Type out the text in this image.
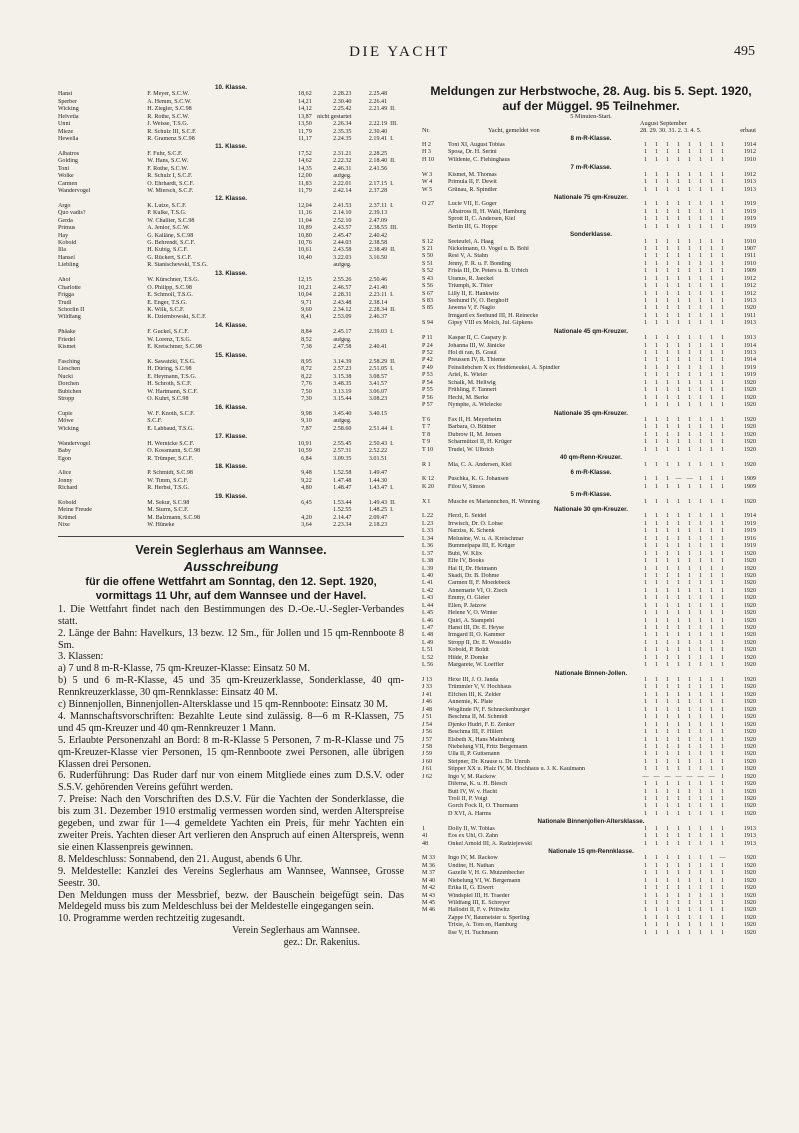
DIE YACHT	495
10. Klasse.
Hansi	F. Meyer, S.C.W.	18,62	2.28.23	2.25.48
Sperber	A. Hemm, S.C.W.	14,21	2.30.40	2.26.41
Wicking	H. Ziegler, S.C.98	14,12	2.25.42	2.21.49 II.
Helvetia	R. Rothe, S.C.W.	13,87 nicht gestartet
Unni	J. Weisse, T.S.G.	13,50	2.26.34	2.22.19 III.
Mieze	R. Schulz III, S.C.F.	11,79	2.35.35	2.30.40
Hewella	R. Gramenz S.C.98	11,17	2.24.35	2.19.41 I.
11. Klasse.
Albatros	F. Fuhr, S.C.F.	17,52	2.31.21	2.28.25
Golding	W. Hans, S.C.W.	14,62	2.22.32	2.18.40 II.
Toni	F. Rothe, S.C.W.	14,35	2.46.31	2.41.56
Wolke	R. Schulz I, S.C.F.	12,00	aufgeg.
Carmen	O. Ehrhardt, S.C.F.	11,83	2.22.01	2.17.15 I.
Wandervogel	W. Miersch, S.C.F.	11,79	2.42.14	2.37.28
12. Klasse.
Argo	K. Lutze, S.C.F.	12,04	2.41.53	2.37.11 I.
Quo vadis?	P. Kulke, T.S.G.	11,16	2.14.10	2.39.13
Gerda	W. Challier, S.C.98	11,04	2.52.10	2.47.09
Primus	A. Jenior, S.C.W.	10,89	2.43.57	2.38.55 III.
Hay	G. Kalläne, S.C.98	10,80	2.45.47	2.40.42
Kobold	G. Behrendt, S.C.F.	10,76	2.44.03	2.38.58
Illa	H. Kubig, S.C.F.	10,61	2.43.58	2.38.49 II.
Hansel	G. Rückert, S.C.F.	10,40	3.22.03	3.16.50
Liebling	R. Stanischewski, T.S.G.	aufgeg.
13. Klasse.
Ahoi	W. Kürschner, T.S.G.	12,15	2.55.26	2.50.46
Charlotte	O. Philipp, S.C.98	10,21	2.46.57	2.41.40
Frigga	E. Schmoll, T.S.G.	10,04	2.28.31	2.23.11 I.
Trudl	E. Enger, T.S.G.	9,71	2.43.48	2.38.14
Schorlin II	K. Wilk, S.C.F.	9,60	2.34.12	2.28.34 II.
Wildfang	K. Dziembowski, S.C.F.	8,41	2.53.09	2.46.37
14. Klasse.
Phäake	F. Guckel, S.C.F.	8,84	2.45.17	2.39.03 I.
Friedel	W. Lorenz, T.S.G.	8,52	aufgeg.
Kismet	E. Kretschmer, S.C.98	7,38	2.47.58	2.40.41
15. Klasse.
Fasching	K. Sawatzki, T.S.G.	8,95	3.14.39	2.58.29 II.
Lieschen	H. Düring, S.C.98	8,72	2.57.23	2.51.05 I.
Nucki	E. Heymann, T.S.G.	8,22	3.15.38	3.08.57
Dorchen	H. Schroth, S.C.F.	7,76	3.48.35	3.41.57
Bubichen	W. Hartmann, S.C.F.	7,50	3.13.19	3.06.07
Stropp	O. Kuhrt, S.C.98	7,30	3.15.44	3.08.23
16. Klasse.
Cupie	W. F. Knoth, S.C.F.	9,98	3.45.40	3.40.15
Möwe	S.C.F.	9,10	aufgeg.
Wicking	E. Labbaud, T.S.G.	7,87	2.58.60	2.51.44 I.
17. Klasse.
Wandervogel	H. Wernicke S.C.F.	10,91	2.55.45	2.50.43 I.
Baby	O. Kossmann, S.C.98	10,59	2.57.31	2.52.22
Egon	R. Trümper, S.C.F.	6,84	3.09.35	3.01.51
18. Klasse.
Alice	P. Schmidt, S.C.98	9,48	1.52.58	1.49.47
Jonny	W. Timm, S.C.F.	9,22	1.47.48	1.44.30
Richard	R. Herbst, T.S.G.	4,80	1.48.47	1.43.47 I.
19. Klasse.
Kobold	M. Sekur, S.C.98	6,45	1.53.44	1.49.43 II.
Meine Freude	M. Sturm, S.C.F.	1.52.55	1.48.25 I.
Krümel	M. Balzmann, S.C.98	4,20	2.14.47	2.09.47
Nixe	W. Hüneke	3,64	2.23.34	2.18.23
Verein Seglerhaus am Wannsee.
Ausschreibung
für die offene Wettfahrt am Sonntag, den 12. Sept. 1920, vormittags 11 Uhr, auf dem Wannsee und der Havel.
1. Die Wettfahrt findet nach den Bestimmungen des D.-Oe.-U.-Segler-Verbandes statt.
2. Länge der Bahn: Havelkurs, 13 bezw. 12 Sm., für Jollen und 15 qm-Rennboote 8 Sm.
3. Klassen:
a) 7 und 8 m-R-Klasse, 75 qm-Kreuzer-Klasse: Einsatz 50 M.
b) 5 und 6 m-R-Klasse, 45 und 35 qm-Kreuzerklasse, Sonderklasse, 40 qm-Rennkreuzerklasse, 30 qm-Rennklasse: Einsatz 40 M.
c) Binnenjollen, Binnenjollen-Altersklasse und 15 qm-Rennboote: Einsatz 30 M.
4. Mannschaftsvorschriften: Bezahlte Leute sind zulässig. 8—6 m R-Klassen, 75 und 45 qm-Kreuzer und 40 qm-Rennkreuzer 1 Mann.
5. Erlaubte Personenzahl an Bord: 8 m-R-Klasse 5 Personen, 7 m-R-Klasse und 75 qm-Kreuzer-Klasse vier Personen, 15 qm-Rennboote zwei Personen, alle übrigen Klassen drei Personen.
6. Ruderführung: Das Ruder darf nur von einem Mitgliede eines zum D.S.V. oder S.S.V. gehörenden Vereins geführt werden.
7. Preise: Nach den Vorschriften des D.S.V. Für die Yachten der Sonderklasse, die bis zum 31. Dezember 1910 erstmalig vermessen worden sind, werden Alterspreise gegeben, und zwar für 1—4 gemeldete Yachten ein Preis, für mehr Yachten ein zweiter Preis. Yachten dieser Art verlieren den Anspruch auf einen Alterspreis, wenn sie einen Klassenpreis gewinnen.
8. Meldeschluss: Sonnabend, den 21. August, abends 6 Uhr.
9. Meldestelle: Kanzlei des Vereins Seglerhaus am Wannsee, Wannsee, Grosse Seestr. 30.
Den Meldungen muss der Messbrief, bezw. der Bauschein beigefügt sein. Das Meldegeld muss bis zum Meldeschluss bei der Meldestelle eingegangen sein.
10. Programme werden rechtzeitig zugesandt.
Verein Seglerhaus am Wannsee.
gez.: Dr. Rakenius.
Meldungen zur Herbstwoche, 28. Aug. bis 5. Sept. 1920,
auf der Müggel. 95 Teilnehmer.
5 Minuten-Start.
August September
Nr.	Yacht, gemeldet von	28. 29. 30. 31. 2. 3. 4. 5.	erbaut
8 m-R-Klasse.
H 2	Toni XI, August Tobias	1	1	1	1	1	1	1	1	1914
H 3	Sposa, Dr. H. Serini	1	1	1	1	1	1	1	1	1912
H 10	Wildente, C. Flehinghaus	1	1	1	1	1	1	1	1	1910
7 m-R-Klasse.
W 3	Kismet, M. Thomas	1	1	1	1	1	1	1	1	1912
W 4	Primula II, F. Dewit	1	1	1	1	1	1	1	1	1913
W 5	Grünau, R. Spindler	1	1	1	1	1	1	1	1	1913
Nationale 75 qm-Kreuzer.
O 27	Lucie VII, E. Goger	1	1	1	1	1	1	1	1	1919
Albatross II, H. Wahl, Hamburg	1	1	1	1	1	1	1	1	1919
Sprott II, C. Andersen, Kiel	1	1	1	1	1	1	1	1	1919
Berlin III, G. Hoppe	1	1	1	1	1	1	1	1	1919
Sonderklasse.
S 12	Seeteufel, A. Haag	1	1	1	1	1	1	1	1	1910
S 21	Nickelmann, O. Vogel u. B. Bohl	1	1	1	1	1	1	1	1	1907
S 50	Resi V, A. Stahn	1	1	1	1	1	1	1	1	1911
S 51	Jenny, F. R. u. F. Bonding	1	1	1	1	1	1	1	1	1910
S 52	Frisia III, Dr. Peters u. B. Urbich	1	1	1	1	1	1	1	1	1909
S 43	Uranus, R. Jaeckel	1	1	1	1	1	1	1	1	1912
S 56	Triumph, K. Thier	1	1	1	1	1	1	1	1	1912
S 67	Lilly II, E. Hankwitz	1	1	1	1	1	1	1	1	1912
S 83	Seehund IV, O. Berghoff	1	1	1	1	1	1	1	1	1913
S 85	Jawena V, F. Naglo	1	1	1	1	1	1	1	1	1920
Irmgard ex Seehund III, H. Reinecke	1	1	1	1	1	1	1	1	1911
S 94	Gipsy VIII ex Molch, Jul. Gipkens	1	1	1	1	1	1	1	1	1913
Nationale 45 qm-Kreuzer.
P 11	Kaspar II, C. Caspary jr.	1	1	1	1	1	1	1	1	1913
P 24	Johanna III, W. Jänicke	1	1	1	1	1	1	1	1	1914
P 52	Hol di ran, B. Graul	1	1	1	1	1	1	1	1	1913
P 42	Preussen IV, R. Thieme	1	1	1	1	1	1	1	1	1914
P 49	Feinsliebchen X ex Heidteneukel, A. Spindler	1	1	1	1	1	1	1	1	1919
P 53	Ariel, K. Wieler	1	1	1	1	1	1	1	1	1919
P 54	Schalk, M. Hellwig	1	1	1	1	1	1	1	1	1920
P 55	Frühling, F. Tannert	1	1	1	1	1	1	1	1	1920
P 56	Hecht, M. Berke	1	1	1	1	1	1	1	1	1920
P 57	Nymphe, A. Wielecke	1	1	1	1	1	1	1	1	1920
Nationale 35 qm-Kreuzer.
T 6	Fax II, H. Meyerheim	1	1	1	1	1	1	1	1	1920
T 7	Barbara, O. Büttner	1	1	1	1	1	1	1	1	1920
T 8	Dubrow II, M. Jensen	1	1	1	1	1	1	1	1	1920
T 9	Scharmützel II, H. Krüger	1	1	1	1	1	1	1	1	1920
T 10	Trudel, W. Ulbrich	1	1	1	1	1	1	1	1	1920
40 qm-Renn-Kreuzer.
R 1	Mia, C. A. Andersen, Kiel	1	1	1	1	1	1	1	1	1920
6 m-R-Klasse.
K 12	Puschka, K. G. Johansen	1	1	1	— —	1	1	1	1909
K 20	Filou V, Simon	1	1	1	1	1	1	1	1	1909
5 m-R-Klasse.
X I	Musche ex Mariannchen, H. Winning	1	1	1	1	1	1	1	1	1920
Nationale 30 qm-Kreuzer.
L 22	Herzl, E. Seidel	1	1	1	1	1	1	1	1	1914
L 23	Irrwisch, Dr. O. Lohse	1	1	1	1	1	1	1	1	1919
L 33	Narziss, K. Schenk	1	1	1	1	1	1	1	1	1919
L 34	Melusine, W. u. A. Kreischmar	1	1	1	1	1	1	1	1	1916
L 36	Bummelpapa III, E. Krüger	1	1	1	1	1	1	1	1	1919
L 37	Bubi, W. Klix	1	1	1	1	1	1	1	1	1920
L 38	Elfe IV, Books	1	1	1	1	1	1	1	1	1920
L 39	Hai II, Dr. Heimann	1	1	1	1	1	1	1	1	1920
L 40	Skadi, Dr. B. Dohme	1	1	1	1	1	1	1	1	1920
L 41	Carmen II, F. Moedebeck	1	1	1	1	1	1	1	1	1920
L 42	Annemarie VI, O. Ziech	1	1	1	1	1	1	1	1	1920
L 43	Emmy, O. Gleier	1	1	1	1	1	1	1	1	1920
L 44	Ellen, P. Jatzow	1	1	1	1	1	1	1	1	1920
L 45	Helene V, O. Winter	1	1	1	1	1	1	1	1	1920
L 46	Quirl, A. Stampehl	1	1	1	1	1	1	1	1	1920
L 47	Hansi III, Dr. E. Heyse	1	1	1	1	1	1	1	1	1920
L 48	Irmgard II, O. Kammer	1	1	1	1	1	1	1	1	1920
L 49	Stropp II, Dr. E. Wossidlo	1	1	1	1	1	1	1	1	1920
L 51	Kobold, P. Boldt	1	1	1	1	1	1	1	1	1920
L 52	Hilde, P. Domke	1	1	1	1	1	1	1	1	1920
L 56	Margarete, W. Loeffler	1	1	1	1	1	1	1	1	1920
Nationale Binnen-Jollen.
J 13	Hexe III, J. O. Janda	1	1	1	1	1	1	1	1	1920
J 33	Trümmler V, V. Hochhaus	1	1	1	1	1	1	1	1	1920
J 41	Elfchen III, K. Zelder	1	1	1	1	1	1	1	1	1920
J 46	Annemie, K. Plate	1	1	1	1	1	1	1	1	1920
J 48	Woglinde IV, F. Schneckenburger	1	1	1	1	1	1	1	1	1920
J 51	Beschma II, M. Schmidt	1	1	1	1	1	1	1	1	1920
J 54	Djenko Hudri, F. E. Zenker	1	1	1	1	1	1	1	1	1920
J 56	Beschma III, F. Hillert	1	1	1	1	1	1	1	1	1920
J 57	Elsbeth X, Hans Malmberg	1	1	1	1	1	1	1	1	1920
J 58	Niebelung VII, Fritz Bergemann	1	1	1	1	1	1	1	1	1920
J 59	Ulla II, P. Guttsmann	1	1	1	1	1	1	1	1	1920
J 60	Steipner, Dr. Krause u. Dr. Unruh	1	1	1	1	1	1	1	1	1920
J 61	Stipper XX u. Pfalz IV, M. Hochhaus u. J. K. Kaulmann	1	1	1	1	1	1	1	1	1920
J 62	Ingo V, M. Rackow	— — — — — — —	1	1920
Diferna, K. u. H. Blesch	1	1	1	1	1	1	1	1	1920
Butt IV, W. v. Hacht	1	1	1	1	1	1	1	1	1920
Troll II, P. Voigt	1	1	1	1	1	1	1	1	1920
Gorch Fock II, O. Thurmann	1	1	1	1	1	1	1	1	1920
D XVI, A. Harms	1	1	1	1	1	1	1	1	1920
Nationale Binnenjollen-Altersklasse.
1	Dolly II, W. Tobias	1	1	1	1	1	1	1	1	1913
41	Eos ex Uhl, O. Zahn	1	1	1	1	1	1	1	1	1913
48	Onkel Arnold III, A. Radziejewski	1	1	1	1	1	1	1	1	1913
Nationale 15 qm-Rennklasse.
M 33	Ingo IV, M. Rackow	1	1	1	1	1	1	1	—	1920
M 36	Undine, H. Nathan	1	1	1	1	1	1	1	1	1920
M 37	Gazelle V, H. G. Mutzenbecher	1	1	1	1	1	1	1	1	1920
M 40	Niebelung VI, W. Bergemann	1	1	1	1	1	1	1	1	1920
M 42	Erika II, G. Elwert	1	1	1	1	1	1	1	1	1920
M 43	Windspiel III, H. Traeder	1	1	1	1	1	1	1	1	1920
M 45	Wildfang III, E. Schreyer	1	1	1	1	1	1	1	1	1920
M 46	Hallodri II, F. v. Prittwitz	1	1	1	1	1	1	1	1	1920
Zappe IV, Baumeister u. Sperling	1	1	1	1	1	1	1	1	1920
Trixie, A. Tom en, Hamburg	1	1	1	1	1	1	1	1	1920
Ilse V, H. Tuchmann	1	1	1	1	1	1	1	1	1920
